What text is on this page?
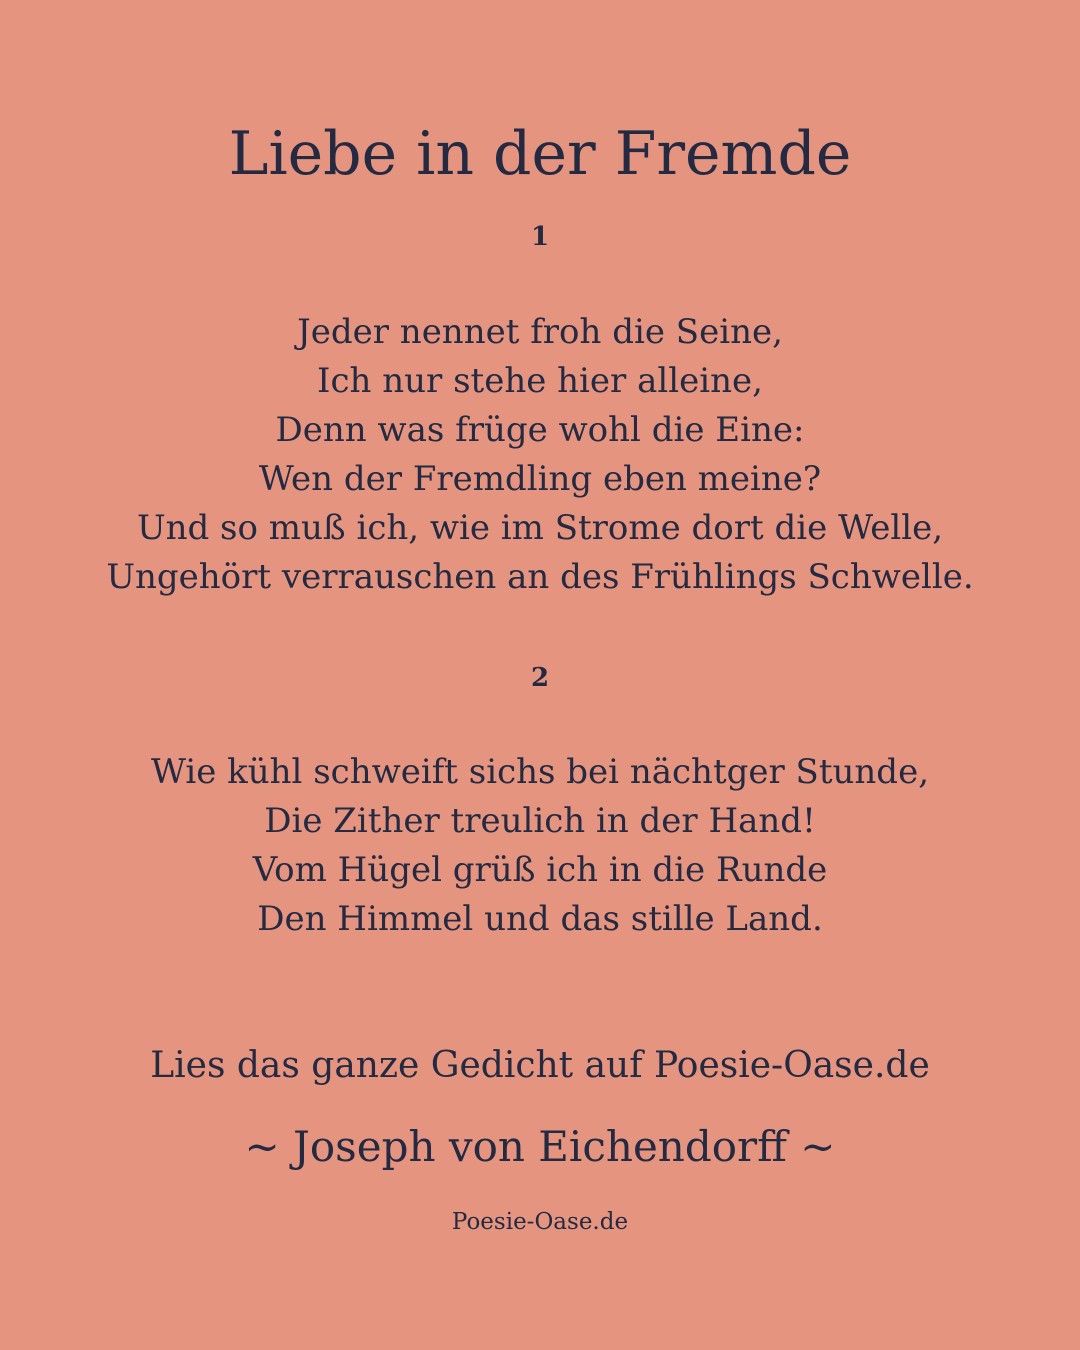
Liebe in der Fremde
1
Jeder nennet froh die Seine,
Ich nur stehe hier alleine,
Denn was früge wohl die Eine:
Wen der Fremdling eben meine?
Und so muß ich, wie im Strome dort die Welle,
Ungehört verrauschen an des Frühlings Schwelle.
2
Wie kühl schweift sichs bei nächtger Stunde,
Die Zither treulich in der Hand!
Vom Hügel grüß ich in die Runde
Den Himmel und das stille Land.
Lies das ganze Gedicht auf Poesie-Oase.de
~ Joseph von Eichendorff ~
Poesie-Oase.de
